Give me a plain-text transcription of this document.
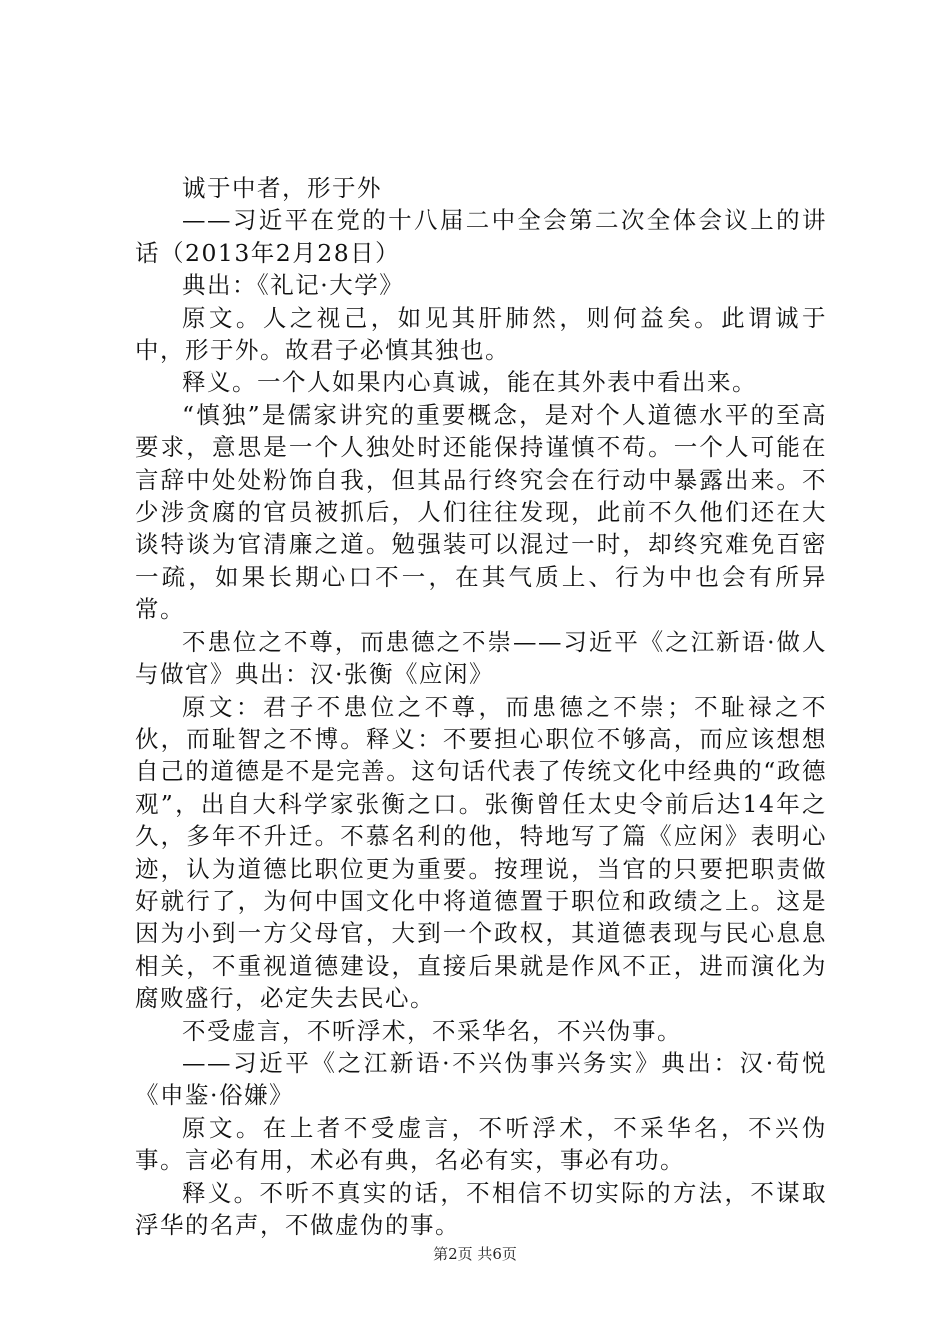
诚于中者，形于外

——习近平在党的十八届二中全会第二次全体会议上的讲话（2013年2月28日）

典出：《礼记·大学》

原文。人之视己，如见其肝肺然，则何益矣。此谓诚于中，形于外。故君子必慎其独也。

释义。一个人如果内心真诚，能在其外表中看出来。

“慎独”是儒家讲究的重要概念，是对个人道德水平的至高要求，意思是一个人独处时还能保持谨慎不苟。一个人可能在言辞中处处粉饰自我，但其品行终究会在行动中暴露出来。不少涉贪腐的官员被抓后，人们往往发现，此前不久他们还在大谈特谈为官清廉之道。勉强装可以混过一时，却终究难免百密一疏，如果长期心口不一，在其气质上、行为中也会有所异常。

不患位之不尊，而患德之不崇——习近平《之江新语·做人与做官》典出：汉·张衡《应闲》

原文：君子不患位之不尊，而患德之不崇；不耻禄之不伙，而耻智之不博。释义：不要担心职位不够高，而应该想想自己的道德是不是完善。这句话代表了传统文化中经典的“政德观”，出自大科学家张衡之口。张衡曾任太史令前后达14年之久，多年不升迁。不慕名利的他，特地写了篇《应闲》表明心迹，认为道德比职位更为重要。按理说，当官的只要把职责做好就行了，为何中国文化中将道德置于职位和政绩之上。这是因为小到一方父母官，大到一个政权，其道德表现与民心息息相关，不重视道德建设，直接后果就是作风不正，进而演化为腐败盛行，必定失去民心。

不受虚言，不听浮术，不采华名，不兴伪事。

——习近平《之江新语·不兴伪事兴务实》典出：汉·荀悦《申鉴·俗嫌》

原文。在上者不受虚言，不听浮术，不采华名，不兴伪事。言必有用，术必有典，名必有实，事必有功。

释义。不听不真实的话，不相信不切实际的方法，不谋取浮华的名声，不做虚伪的事。

第2页 共6页
